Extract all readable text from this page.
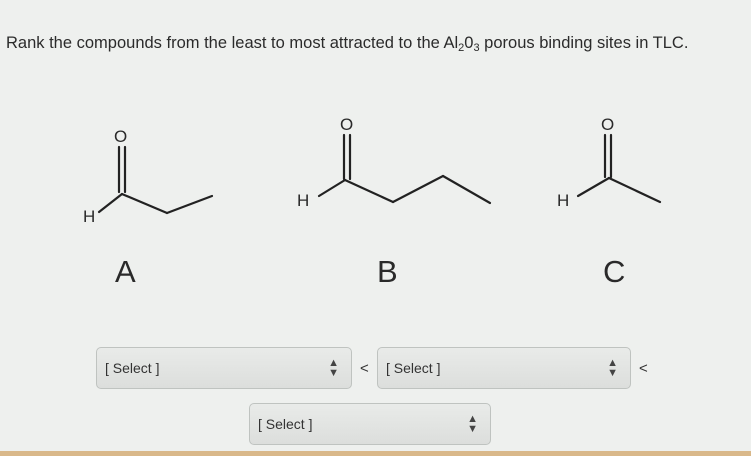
Rank the compounds from the least to most attracted to the $Al_20_3$ porous binding sites in TLC.
O
H
O
H
O
H
A	B	C
[ Select ]	▲
▼ < [ Select ]	▲
▼ <
[ Select ]	▲
▼
